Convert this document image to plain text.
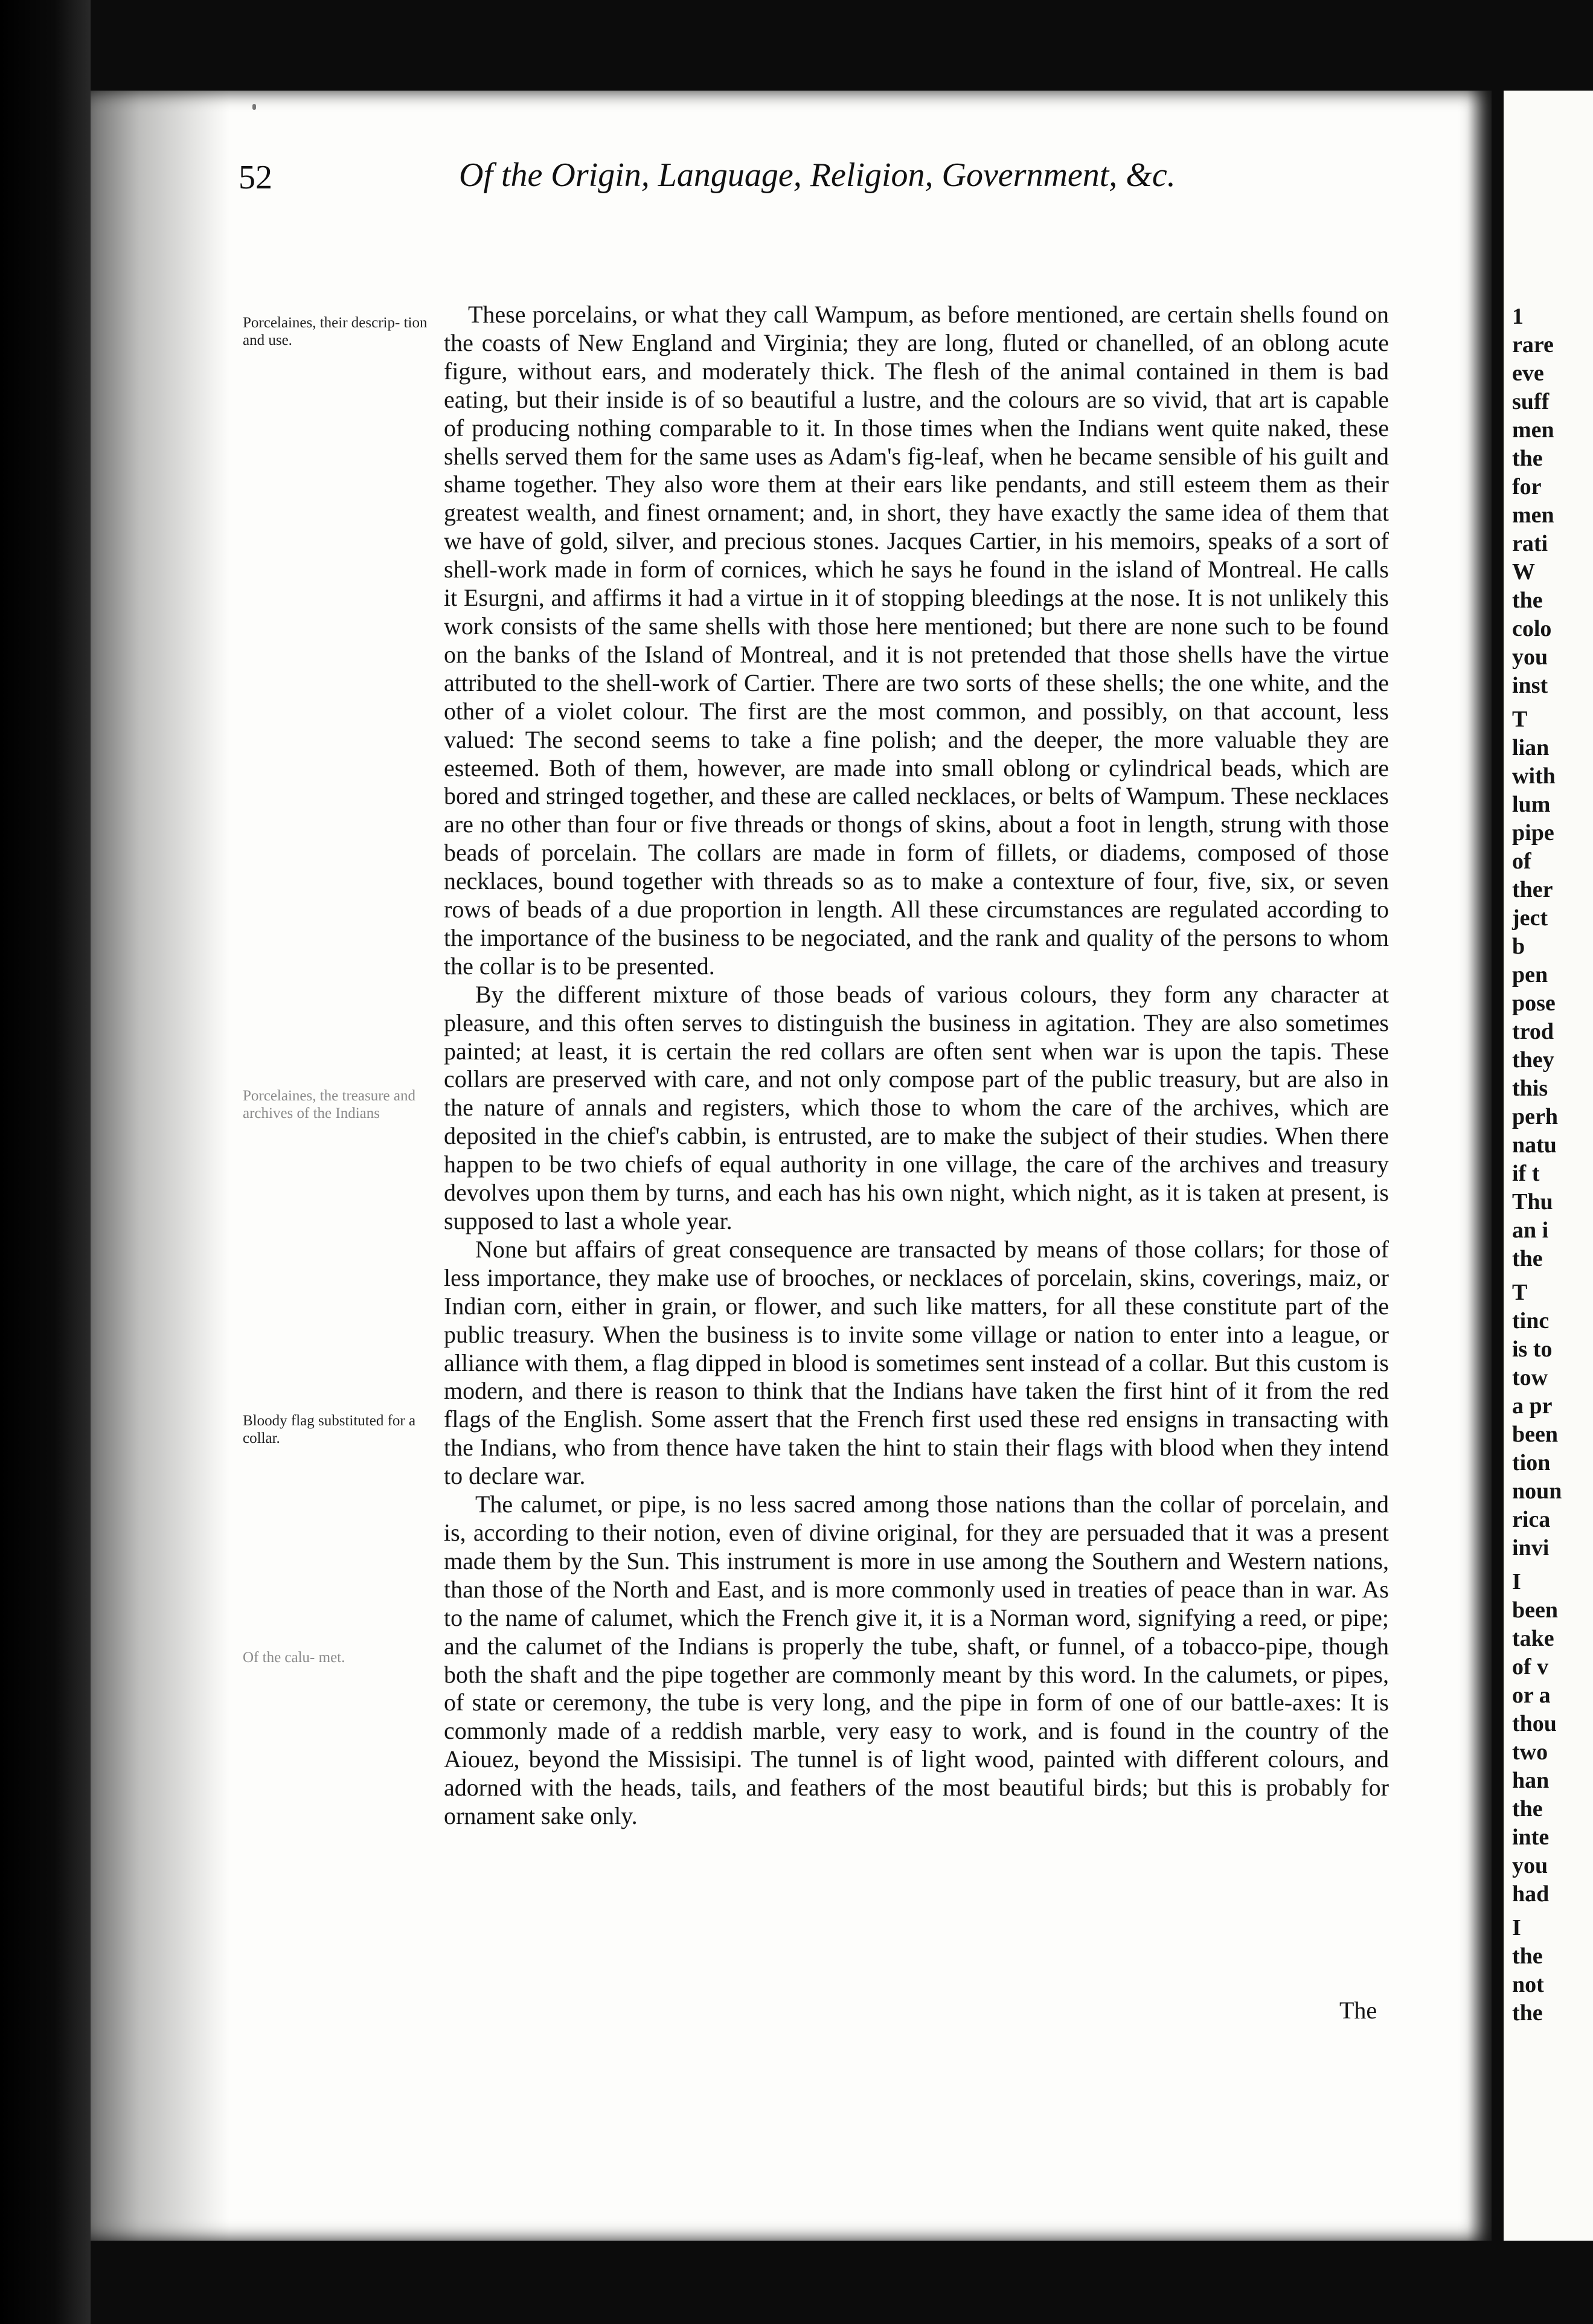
52	Of the Origin, Language, Religion, Government, &c.
Porcelaines, their descrip- tion and use.
Porcelaines, the treasure and archives of the Indians
Bloody flag substituted for a collar.
Of the calu- met.

These porcelains, or what they call Wampum, as before mentioned, are certain shells found on the coasts of New England and Virginia; they are long, fluted or chanelled, of an oblong acute figure, without ears, and moderately thick. The flesh of the animal contained in them is bad eating, but their inside is of so beautiful a lustre, and the colours are so vivid, that art is capable of producing nothing comparable to it. In those times when the Indians went quite naked, these shells served them for the same uses as Adam's fig-leaf, when he became sensible of his guilt and shame together. They also wore them at their ears like pendants, and still esteem them as their greatest wealth, and finest ornament; and, in short, they have exactly the same idea of them that we have of gold, silver, and precious stones. Jacques Cartier, in his memoirs, speaks of a sort of shell-work made in form of cornices, which he says he found in the island of Montreal. He calls it Esurgni, and affirms it had a virtue in it of stopping bleedings at the nose. It is not unlikely this work consists of the same shells with those here mentioned; but there are none such to be found on the banks of the Island of Montreal, and it is not pretended that those shells have the virtue attributed to the shell-work of Cartier. There are two sorts of these shells; the one white, and the other of a violet colour. The first are the most common, and possibly, on that account, less valued: The second seems to take a fine polish; and the deeper, the more valuable they are esteemed. Both of them, however, are made into small oblong or cylindrical beads, which are bored and stringed together, and these are called necklaces, or belts of Wampum. These necklaces are no other than four or five threads or thongs of skins, about a foot in length, strung with those beads of porcelain. The collars are made in form of fillets, or diadems, composed of those necklaces, bound together with threads so as to make a contexture of four, five, six, or seven rows of beads of a due proportion in length. All these circumstances are regulated according to the importance of the business to be negociated, and the rank and quality of the persons to whom the collar is to be presented.

By the different mixture of those beads of various colours, they form any character at pleasure, and this often serves to distinguish the business in agitation. They are also sometimes painted; at least, it is certain the red collars are often sent when war is upon the tapis. These collars are preserved with care, and not only compose part of the public treasury, but are also in the nature of annals and registers, which those to whom the care of the archives, which are deposited in the chief's cabbin, is entrusted, are to make the subject of their studies. When there happen to be two chiefs of equal authority in one village, the care of the archives and treasury devolves upon them by turns, and each has his own night, which night, as it is taken at present, is supposed to last a whole year.

None but affairs of great consequence are transacted by means of those collars; for those of less importance, they make use of brooches, or necklaces of porcelain, skins, coverings, maiz, or Indian corn, either in grain, or flower, and such like matters, for all these constitute part of the public treasury. When the business is to invite some village or nation to enter into a league, or alliance with them, a flag dipped in blood is sometimes sent instead of a collar. But this custom is modern, and there is reason to think that the Indians have taken the first hint of it from the red flags of the English. Some assert that the French first used these red ensigns in transacting with the Indians, who from thence have taken the hint to stain their flags with blood when they intend to declare war.

The calumet, or pipe, is no less sacred among those nations than the collar of porcelain, and is, according to their notion, even of divine original, for they are persuaded that it was a present made them by the Sun. This instrument is more in use among the Southern and Western nations, than those of the North and East, and is more commonly used in treaties of peace than in war. As to the name of calumet, which the French give it, it is a Norman word, signifying a reed, or pipe; and the calumet of the Indians is properly the tube, shaft, or funnel, of a tobacco-pipe, though both the shaft and the pipe together are commonly meant by this word. In the calumets, or pipes, of state or ceremony, the tube is very long, and the pipe in form of one of our battle-axes: It is commonly made of a reddish marble, very easy to work, and is found in the country of the Aiouez, beyond the Missisipi. The tunnel is of light wood, painted with different colours, and adorned with the heads, tails, and feathers of the most beautiful birds; but this is probably for ornament sake only.

The
1
rare
eve
suff
men
the
for
men
rati
W
the
colo
you
inst
T
lian
with
lum
pipe
of
ther
ject
b
pen
pose
trod
they
this
perh
natu
if t
Thu
an i
the
T
tinc
is to
tow
a pr
been
tion
noun
rica
invi
I
been
take
of v
or a
thou
two
han
the
inte
you
had
I
the
not
the
